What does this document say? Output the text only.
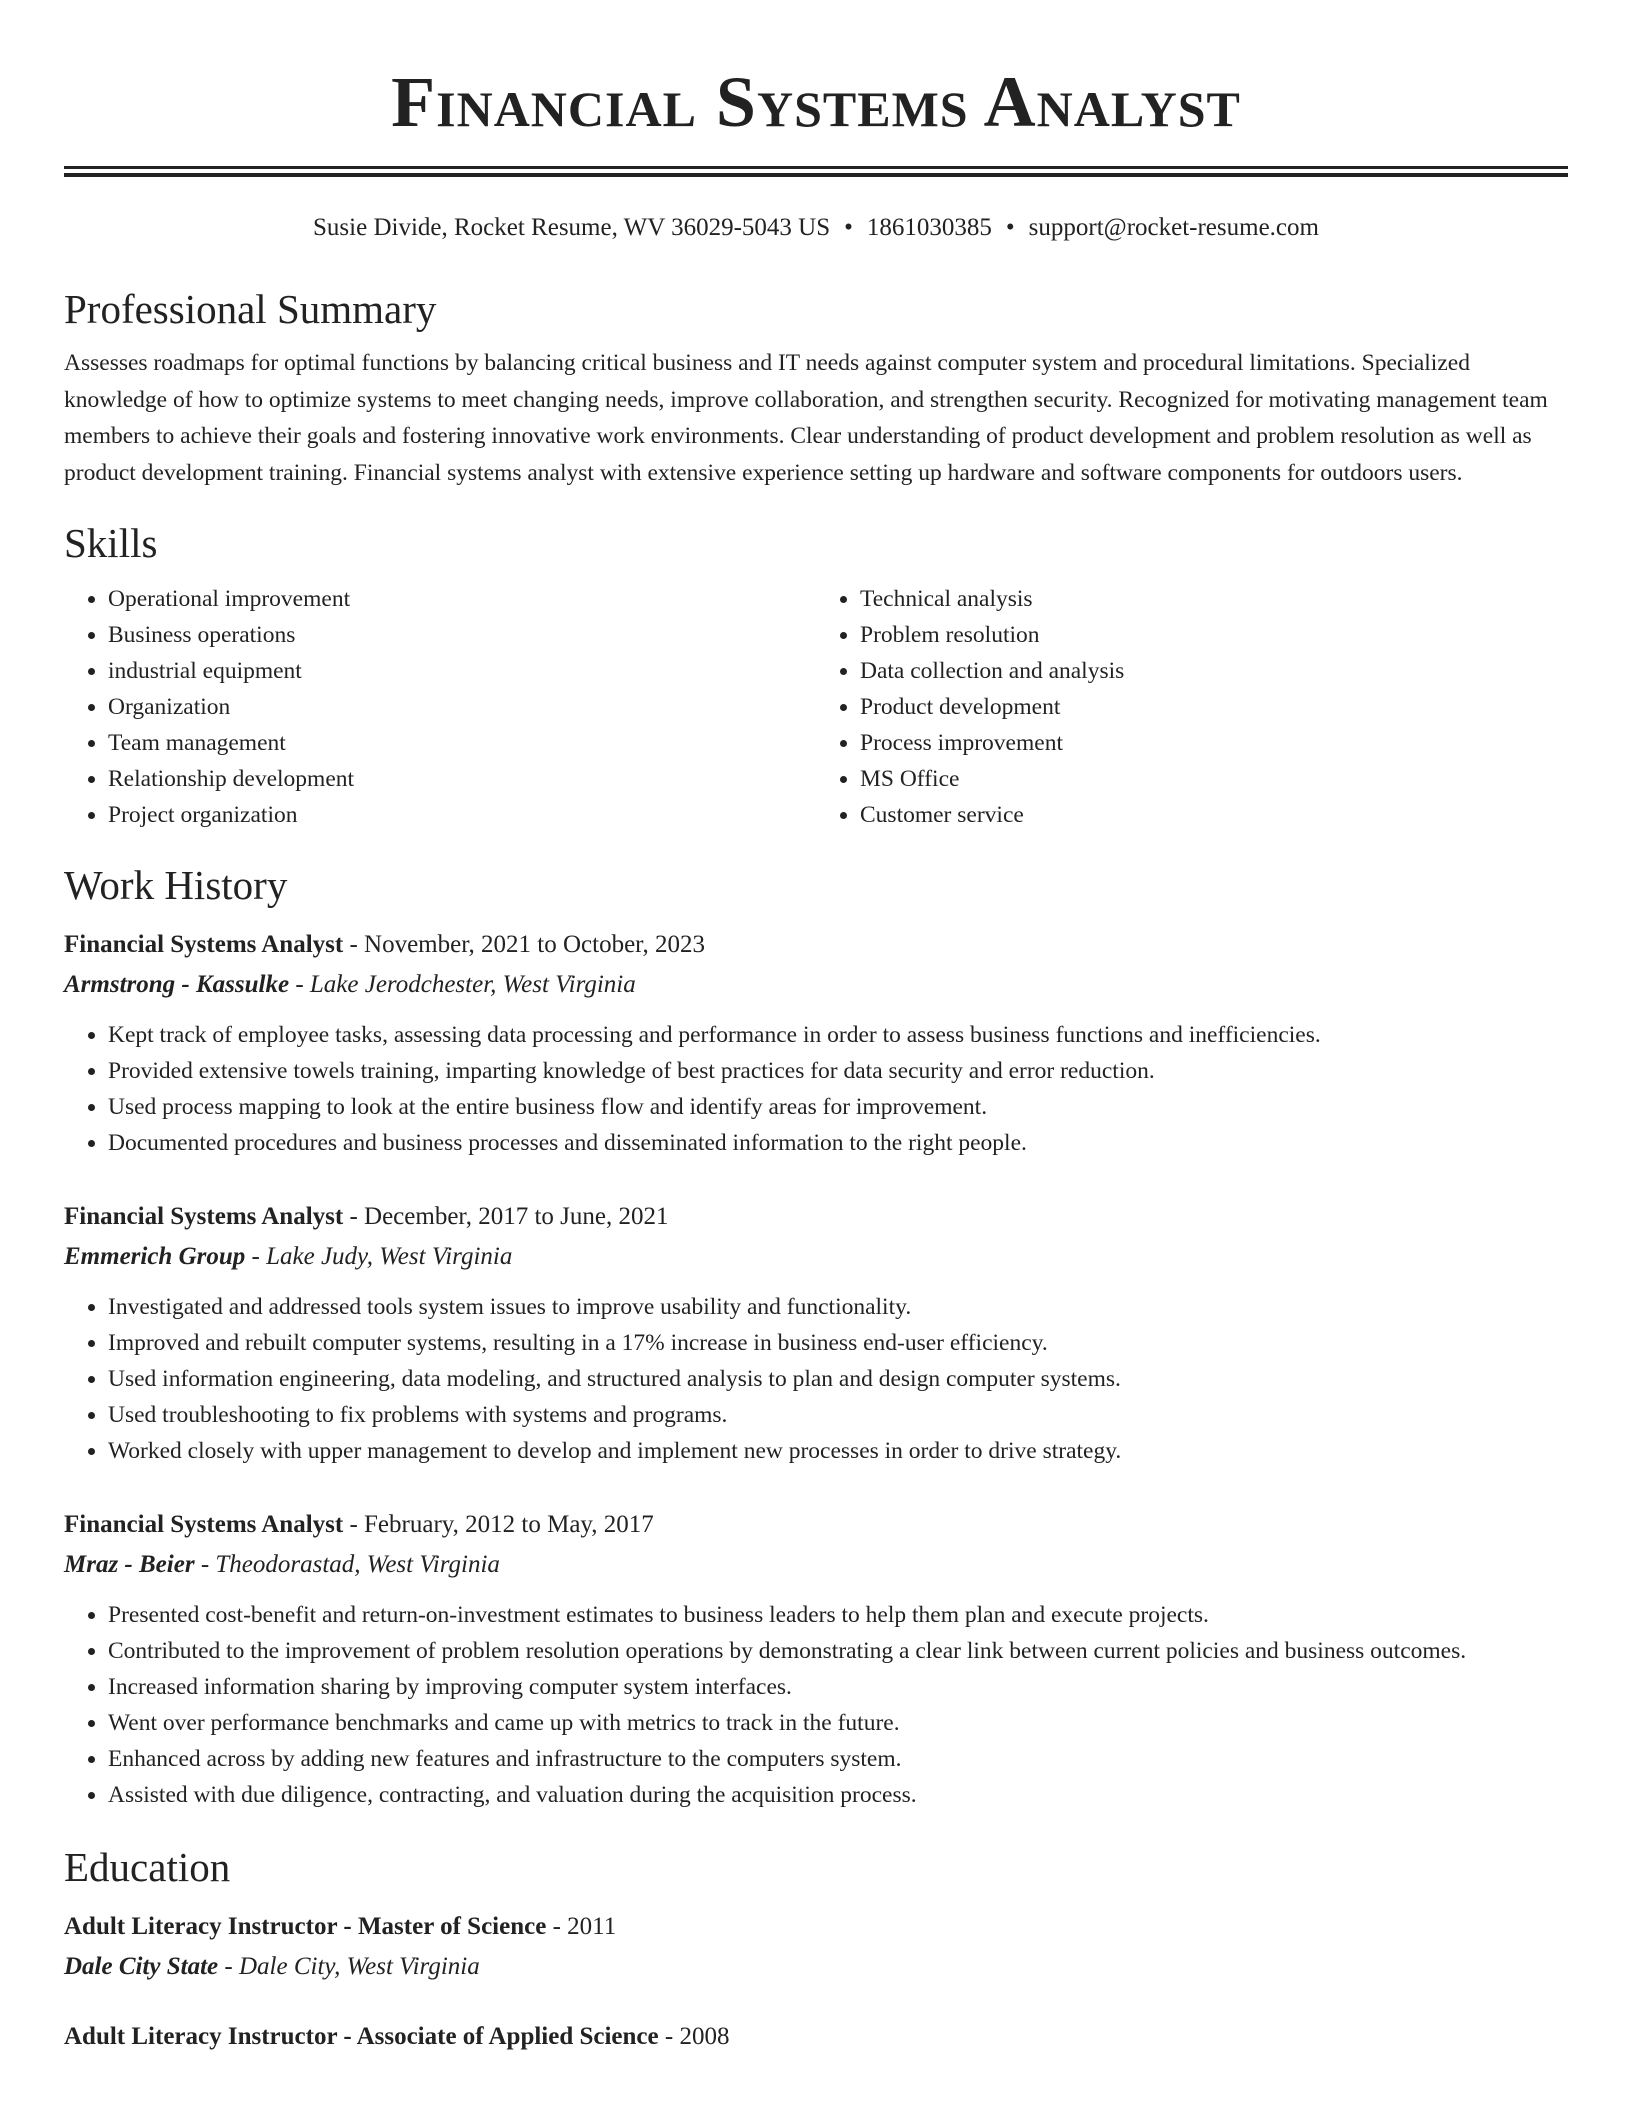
Financial Systems Analyst
Susie Divide, Rocket Resume, WV 36029-5043 US • 1861030385 • support@rocket-resume.com
Professional Summary

Assesses roadmaps for optimal functions by balancing critical business and IT needs against computer system and procedural limitations. Specialized knowledge of how to optimize systems to meet changing needs, improve collaboration, and strengthen security. Recognized for motivating management team members to achieve their goals and fostering innovative work environments. Clear understanding of product development and problem resolution as well as product development training. Financial systems analyst with extensive experience setting up hardware and software components for outdoors users.

Skills
• Operational improvement
• Business operations
• industrial equipment
• Organization
• Team management
• Relationship development
• Project organization
• Technical analysis
• Problem resolution
• Data collection and analysis
• Product development
• Process improvement
• MS Office
• Customer service
Work History
Financial Systems Analyst - November, 2021 to October, 2023
Armstrong - Kassulke - Lake Jerodchester, West Virginia
• Kept track of employee tasks, assessing data processing and performance in order to assess business functions and inefficiencies.
• Provided extensive towels training, imparting knowledge of best practices for data security and error reduction.
• Used process mapping to look at the entire business flow and identify areas for improvement.
• Documented procedures and business processes and disseminated information to the right people.
Financial Systems Analyst - December, 2017 to June, 2021
Emmerich Group - Lake Judy, West Virginia
• Investigated and addressed tools system issues to improve usability and functionality.
• Improved and rebuilt computer systems, resulting in a 17% increase in business end-user efficiency.
• Used information engineering, data modeling, and structured analysis to plan and design computer systems.
• Used troubleshooting to fix problems with systems and programs.
• Worked closely with upper management to develop and implement new processes in order to drive strategy.
Financial Systems Analyst - February, 2012 to May, 2017
Mraz - Beier - Theodorastad, West Virginia
• Presented cost-benefit and return-on-investment estimates to business leaders to help them plan and execute projects.
• Contributed to the improvement of problem resolution operations by demonstrating a clear link between current policies and business outcomes.
• Increased information sharing by improving computer system interfaces.
• Went over performance benchmarks and came up with metrics to track in the future.
• Enhanced across by adding new features and infrastructure to the computers system.
• Assisted with due diligence, contracting, and valuation during the acquisition process.
Education
Adult Literacy Instructor - Master of Science - 2011
Dale City State - Dale City, West Virginia
Adult Literacy Instructor - Associate of Applied Science - 2008
